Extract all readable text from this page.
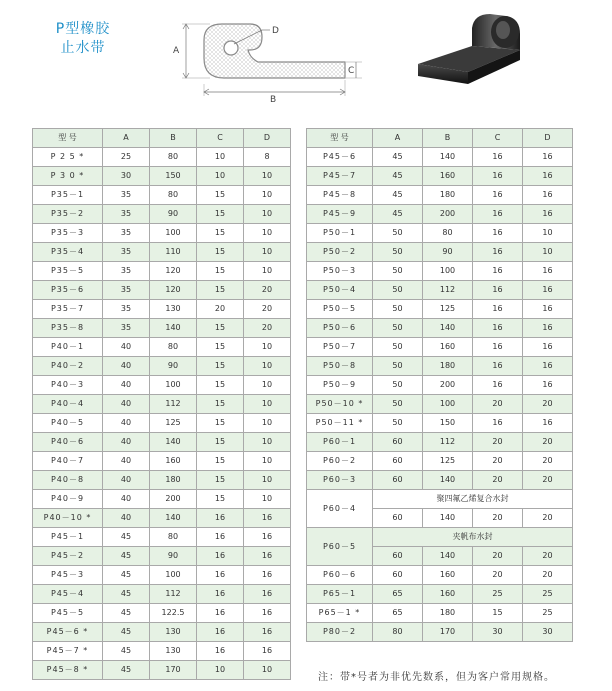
P型橡胶
止水带	A
B
C
D
型 号	A	B	C	D
P 2 5 *	25	80	10	8
P 3 0 *	30	150	10	10
P35－1	35	80	15	10
P35－2	35	90	15	10
P35－3	35	100	15	10
P35－4	35	110	15	10
P35－5	35	120	15	10
P35－6	35	120	15	20
P35－7	35	130	20	20
P35－8	35	140	15	20
P40－1	40	80	15	10
P40－2	40	90	15	10
P40－3	40	100	15	10
P40－4	40	112	15	10
P40－5	40	125	15	10
P40－6	40	140	15	10
P40－7	40	160	15	10
P40－8	40	180	15	10
P40－9	40	200	15	10
P40－10 *	40	140	16	16
P45－1	45	80	16	16
P45－2	45	90	16	16
P45－3	45	100	16	16
P45－4	45	112	16	16
P45－5	45	122.5	16	16
P45－6 *	45	130	16	16
P45－7 *	45	130	16	16
P45－8 *	45	170	10	10
型 号	A	B	C	D
P45－6	45	140	16	16
P45－7	45	160	16	16
P45－8	45	180	16	16
P45－9	45	200	16	16
P50－1	50	80	16	10
P50－2	50	90	16	10
P50－3	50	100	16	16
P50－4	50	112	16	16
P50－5	50	125	16	16
P50－6	50	140	16	16
P50－7	50	160	16	16
P50－8	50	180	16	16
P50－9	50	200	16	16
P50－10 *	50	100	20	20
P50－11 *	50	150	16	16
P60－1	60	112	20	20
P60－2	60	125	20	20
P60－3	60	140	20	20
P60－4	聚四氟乙烯复合水封			
	60	140	20	20
P60－5	夹帆布水封			
	60	140	20	20
P60－6	60	160	20	20
P65－1	65	160	25	25
P65－1 *	65	180	15	25
P80－2	80	170	30	30
注：带*号者为非优先数系，但为客户常用规格。
